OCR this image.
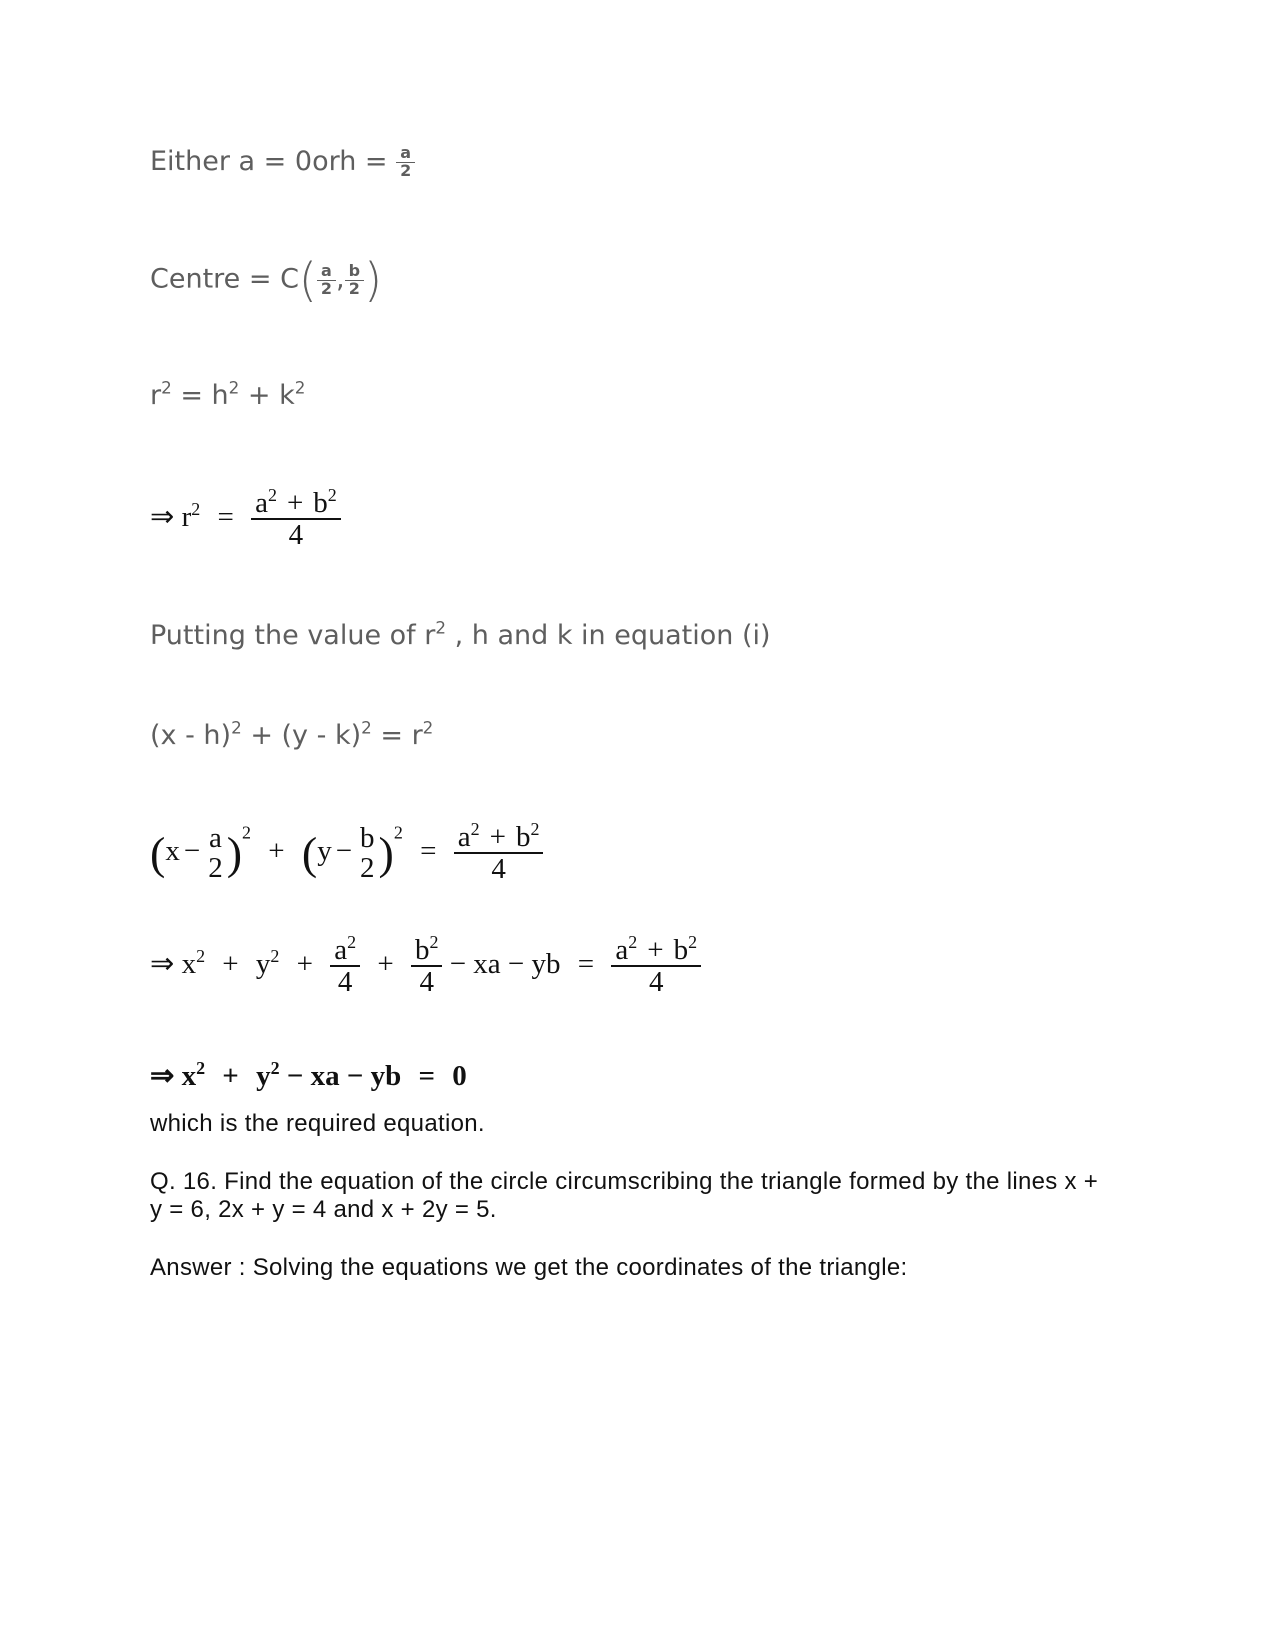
Either $a = 0orh = \frac{a}{2}$
Centre = $C( \frac{a}{2}$ , $\frac{b}{2}$ )
$r^2 = h^2 + k^2$
⇒ $r^2 = \frac{a^2 + b^2}{4}$
Putting the value of $r^2$ , h and k in equation (i)
$(x - h)^2 + (y - k)^2 = r^2$
(x − a
2 )$^2$ + (y − b
2 )$^2 = \frac{a^2 + b^2}{4}$
⇒ $x^2 + y^2 + \frac{a^2}{4} + \frac{b^2}{4}$ − xa − yb = $\frac{a^2 + b^2}{4}$
⇒ $x^2 + y^2$ − xa − yb = 0
which is the required equation.
Q. 16. Find the equation of the circle circumscribing the triangle formed by the lines x +
y = 6, 2x + y = 4 and x + 2y = 5.
Answer : Solving the equations we get the coordinates of the triangle:
